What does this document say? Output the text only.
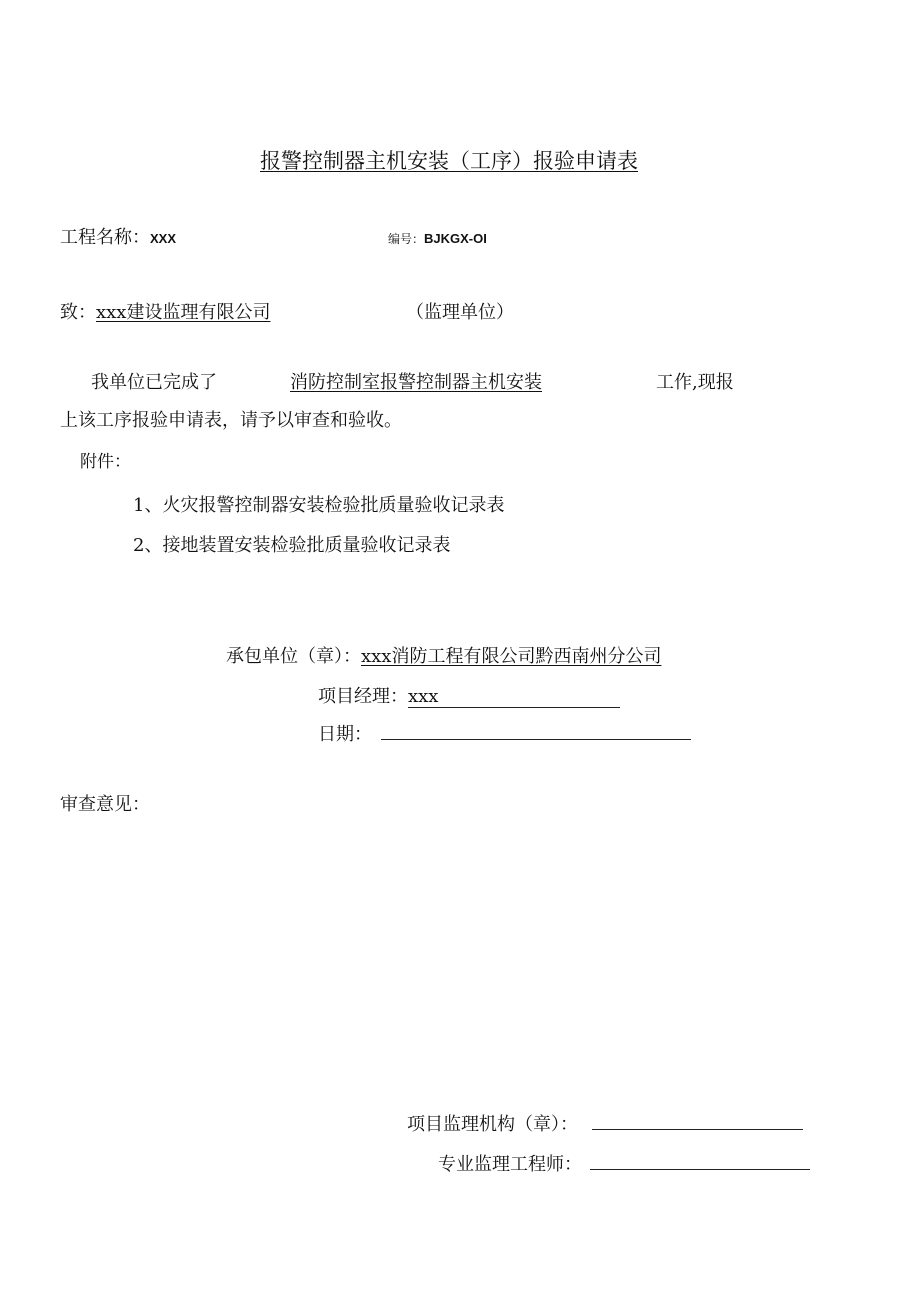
报警控制器主机安装（工序）报验申请表
工程名称：XXX	编号：BJKGX-OI
致：xxx建设监理有限公司	（监理单位）
我单位已完成了	消防控制室报警控制器主机安装	工作,现报
上该工序报验申请表，请予以审查和验收。
附件：
1、火灾报警控制器安装检验批质量验收记录表
2、接地装置安装检验批质量验收记录表
承包单位（章）：xxx消防工程有限公司黔西南州分公司
项目经理：xxx
日期：
审查意见：
项目监理机构（章）：
专业监理工程师：
